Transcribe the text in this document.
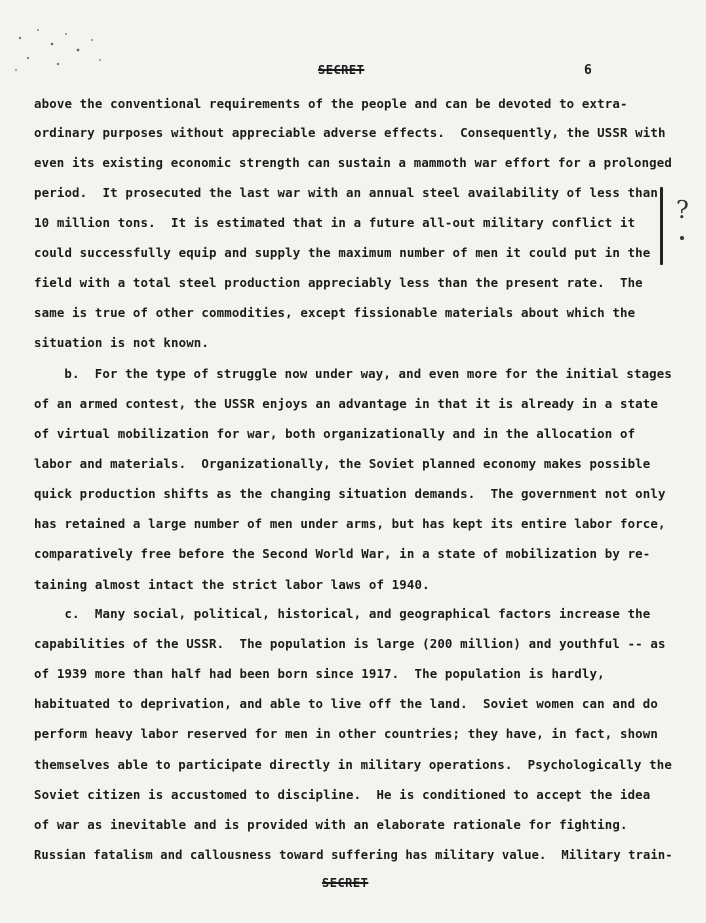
SECRET	6
above the conventional requirements of the people and can be devoted to extra-
ordinary purposes without appreciable adverse effects.  Consequently, the USSR with
even its existing economic strength can sustain a mammoth war effort for a prolonged
period.  It prosecuted the last war with an annual steel availability of less than
10 million tons.  It is estimated that in a future all-out military conflict it
could successfully equip and supply the maximum number of men it could put in the
field with a total steel production appreciably less than the present rate.  The
same is true of other commodities, except fissionable materials about which the
situation is not known.
b.  For the type of struggle now under way, and even more for the initial stages
of an armed contest, the USSR enjoys an advantage in that it is already in a state
of virtual mobilization for war, both organizationally and in the allocation of
labor and materials.  Organizationally, the Soviet planned economy makes possible
quick production shifts as the changing situation demands.  The government not only
has retained a large number of men under arms, but has kept its entire labor force,
comparatively free before the Second World War, in a state of mobilization by re-
taining almost intact the strict labor laws of 1940.
c.  Many social, political, historical, and geographical factors increase the
capabilities of the USSR.  The population is large (200 million) and youthful -- as
of 1939 more than half had been born since 1917.  The population is hardly,
habituated to deprivation, and able to live off the land.  Soviet women can and do
perform heavy labor reserved for men in other countries; they have, in fact, shown
themselves able to participate directly in military operations.  Psychologically the
Soviet citizen is accustomed to discipline.  He is conditioned to accept the idea
of war as inevitable and is provided with an elaborate rationale for fighting.
Russian fatalism and callousness toward suffering has military value.  Military train-
?
SECRET
